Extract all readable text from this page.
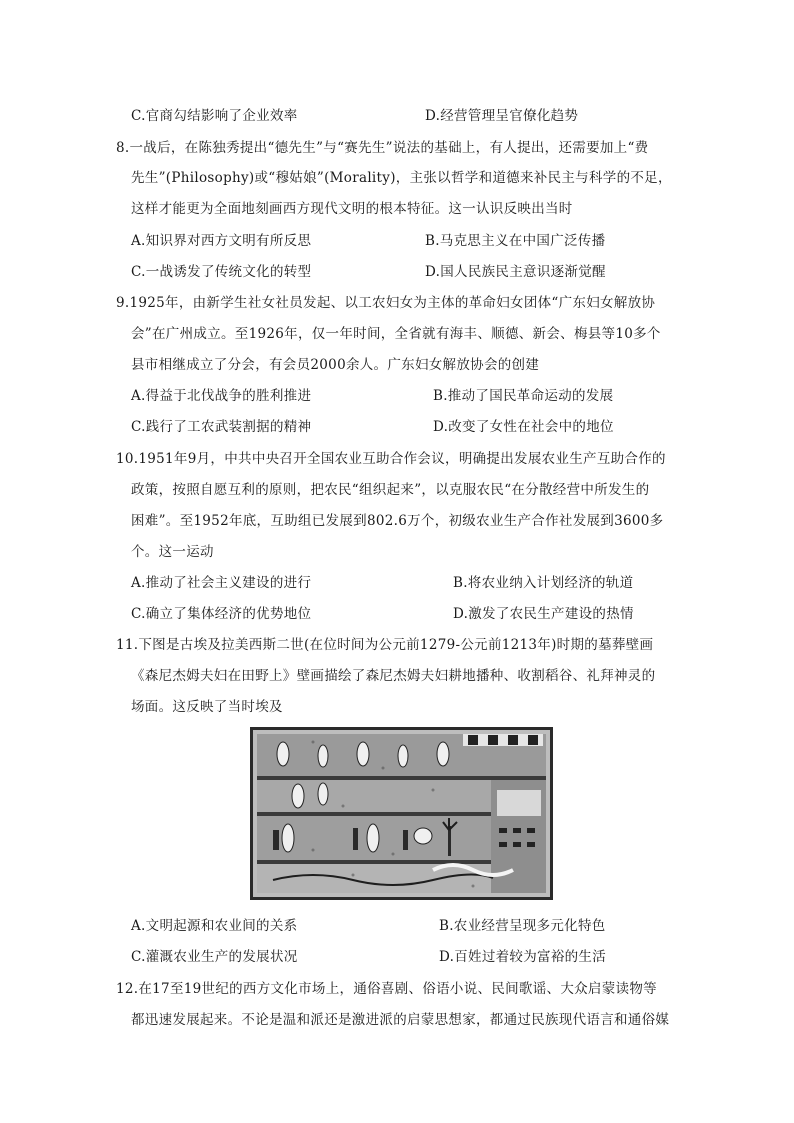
C.官商勾结影响了企业效率	D.经营管理呈官僚化趋势
8.一战后，在陈独秀提出“德先生”与“赛先生”说法的基础上，有人提出，还需要加上“费
先生”(Philosophy)或“穆姑娘”(Morality)，主张以哲学和道德来补民主与科学的不足，
这样才能更为全面地刻画西方现代文明的根本特征。这一认识反映出当时
A.知识界对西方文明有所反思	B.马克思主义在中国广泛传播
C.一战诱发了传统文化的转型	D.国人民族民主意识逐渐觉醒
9.1925年，由新学生社女社员发起、以工农妇女为主体的革命妇女团体“广东妇女解放协
会”在广州成立。至1926年，仅一年时间，全省就有海丰、顺德、新会、梅县等10多个
县市相继成立了分会，有会员2000余人。广东妇女解放协会的创建
A.得益于北伐战争的胜利推进	B.推动了国民革命运动的发展
C.践行了工农武装割据的精神	D.改变了女性在社会中的地位
10.1951年9月，中共中央召开全国农业互助合作会议，明确提出发展农业生产互助合作的
政策，按照自愿互利的原则，把农民“组织起来”，以克服农民“在分散经营中所发生的
困难”。至1952年底，互助组已发展到802.6万个，初级农业生产合作社发展到3600多
个。这一运动
A.推动了社会主义建设的进行	B.将农业纳入计划经济的轨道
C.确立了集体经济的优势地位	D.激发了农民生产建设的热情
11.下图是古埃及拉美西斯二世(在位时间为公元前1279-公元前1213年)时期的墓葬壁画
《森尼杰姆夫妇在田野上》壁画描绘了森尼杰姆夫妇耕地播种、收割稻谷、礼拜神灵的
场面。这反映了当时埃及
A.文明起源和农业间的关系	B.农业经营呈现多元化特色
C.灌溉农业生产的发展状况	D.百姓过着较为富裕的生活
12.在17至19世纪的西方文化市场上，通俗喜剧、俗语小说、民间歌谣、大众启蒙读物等
都迅速发展起来。不论是温和派还是激进派的启蒙思想家，都通过民族现代语言和通俗媒
